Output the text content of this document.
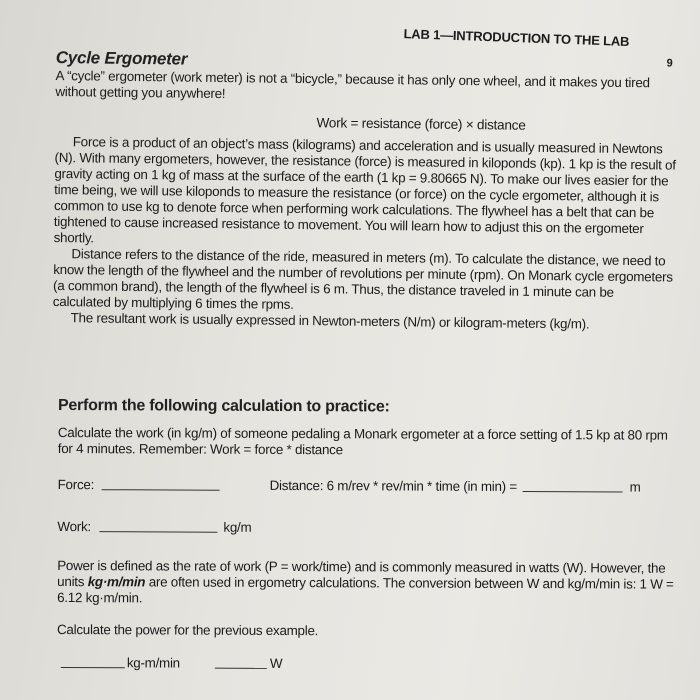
LAB 1—INTRODUCTION TO THE LAB
9
Cycle Ergometer

A “cycle” ergometer (work meter) is not a “bicycle,” because it has only one wheel, and it makes you tired without getting you anywhere!

Work = resistance (force) × distance

Force is a product of an object’s mass (kilograms) and acceleration and is usually measured in Newtons (N). With many ergometers, however, the resistance (force) is measured in kiloponds (kp). 1 kp is the result of gravity acting on 1 kg of mass at the surface of the earth (1 kp = 9.80665 N). To make our lives easier for the time being, we will use kiloponds to measure the resistance (or force) on the cycle ergometer, although it is common to use kg to denote force when performing work calculations. The flywheel has a belt that can be tightened to cause increased resistance to movement. You will learn how to adjust this on the ergometer shortly.

Distance refers to the distance of the ride, measured in meters (m). To calculate the distance, we need to know the length of the flywheel and the number of revolutions per minute (rpm). On Monark cycle ergometers (a common brand), the length of the flywheel is 6 m. Thus, the distance traveled in 1 minute can be calculated by multiplying 6 times the rpms.

The resultant work is usually expressed in Newton-meters (N/m) or kilogram-meters (kg/m).

Perform the following calculation to practice:

Calculate the work (in kg/m) of someone pedaling a Monark ergometer at a force setting of 1.5 kp at 80 rpm for 4 minutes. Remember: Work = force * distance

Force:	Distance: 6 m/rev * rev/min * time (in min) =	m
Work:	kg/m

Power is defined as the rate of work (P = work/time) and is commonly measured in watts (W). However, the units kg·m/min are often used in ergometry calculations. The conversion between W and kg/m/min is: 1 W = 6.12 kg·m/min.

Calculate the power for the previous example.

kg-m/min	W
